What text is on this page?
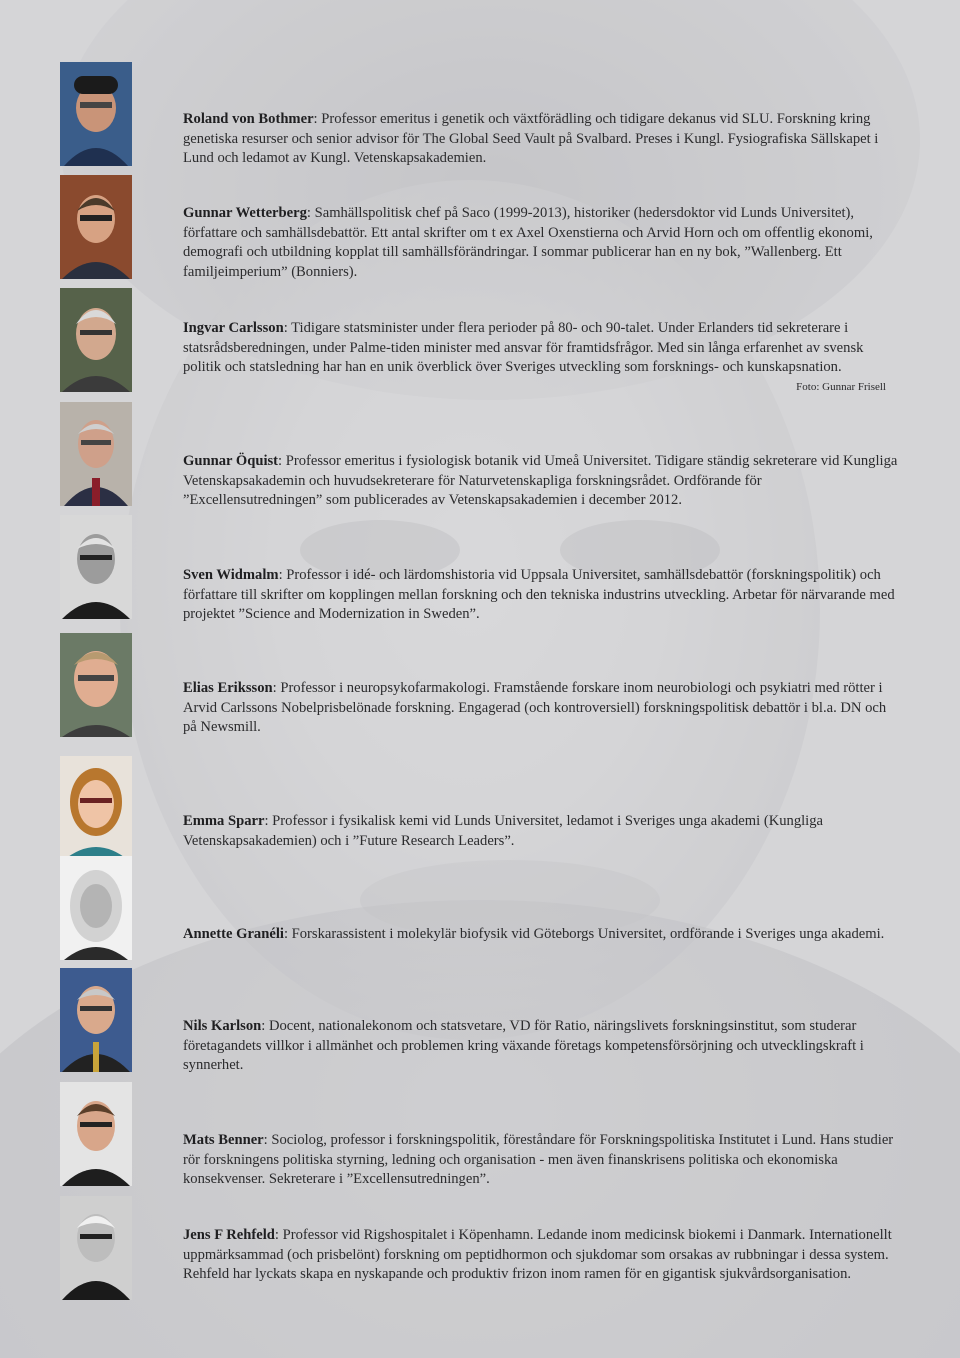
Roland von Bothmer: Professor emeritus i genetik och växtförädling och tidigare dekanus vid SLU. Forskning kring genetiska resurser och senior advisor för The Global Seed Vault på Svalbard. Preses i Kungl. Fysiografiska Sällskapet i Lund och ledamot av Kungl. Vetenskapsakademien.
Gunnar Wetterberg: Samhällspolitisk chef på Saco (1999-2013), historiker (hedersdoktor vid Lunds Universitet), författare och samhällsdebattör. Ett antal skrifter om t ex Axel Oxenstierna och Arvid Horn och om offentlig ekonomi, demografi och utbildning kopplat till samhällsförändringar. I sommar publicerar han en ny bok, ”Wallenberg. Ett familjeimperium” (Bonniers).
Ingvar Carlsson: Tidigare statsminister under flera perioder på 80- och 90-talet. Under Erlanders tid sekreterare i statsrådsberedningen, under Palme-tiden minister med ansvar för framtidsfrågor. Med sin långa erfarenhet av svensk politik och statsledning har han en unik överblick över Sveriges utveckling som forsknings- och kunskapsnation.
Foto: Gunnar Frisell
Gunnar Öquist: Professor emeritus i fysiologisk botanik vid Umeå Universitet. Tidigare ständig sekreterare vid Kungliga Vetenskapsakademin och huvudsekreterare för Naturvetenskapliga forskningsrådet. Ordförande för ”Excellensutredningen” som publicerades av Vetenskapsakademien i december 2012.
Sven Widmalm: Professor i idé- och lärdomshistoria vid Uppsala Universitet, samhällsdebattör (forskningspolitik) och författare till skrifter om kopplingen mellan forskning och den tekniska industrins utveckling. Arbetar för närvarande med projektet ”Science and Modernization in Sweden”.
Elias Eriksson: Professor i neuropsykofarmakologi. Framstående forskare inom neurobiologi och psykiatri med rötter i Arvid Carlssons Nobelprisbelönade forskning. Engagerad (och kontroversiell) forskningspolitisk debattör i bl.a. DN och på Newsmill.
Emma Sparr: Professor i fysikalisk kemi vid Lunds Universitet, ledamot i Sveriges unga akademi (Kungliga Vetenskapsakademien) och i ”Future Research Leaders”.
Annette Granéli: Forskarassistent i molekylär biofysik vid Göteborgs Universitet, ordförande i Sveriges unga akademi.
Nils Karlson: Docent, nationalekonom och statsvetare, VD för Ratio, näringslivets forskningsinstitut, som studerar företagandets villkor i allmänhet och problemen kring växande företags kompetensförsörjning och utvecklingskraft i synnerhet.
Mats Benner: Sociolog, professor i forskningspolitik, föreståndare för Forskningspolitiska Institutet i Lund. Hans studier rör forskningens politiska styrning, ledning och organisation - men även finanskrisens politiska och ekonomiska konsekvenser. Sekreterare i ”Excellensutredningen”.
Jens F Rehfeld: Professor vid Rigshospitalet i Köpenhamn. Ledande inom medicinsk biokemi i Danmark. Internationellt uppmärksammad (och prisbelönt) forskning om peptidhormon och sjukdomar som orsakas av rubbningar i dessa system. Rehfeld har lyckats skapa en nyskapande och produktiv frizon inom ramen för en gigantisk sjukvårdsorganisation.
